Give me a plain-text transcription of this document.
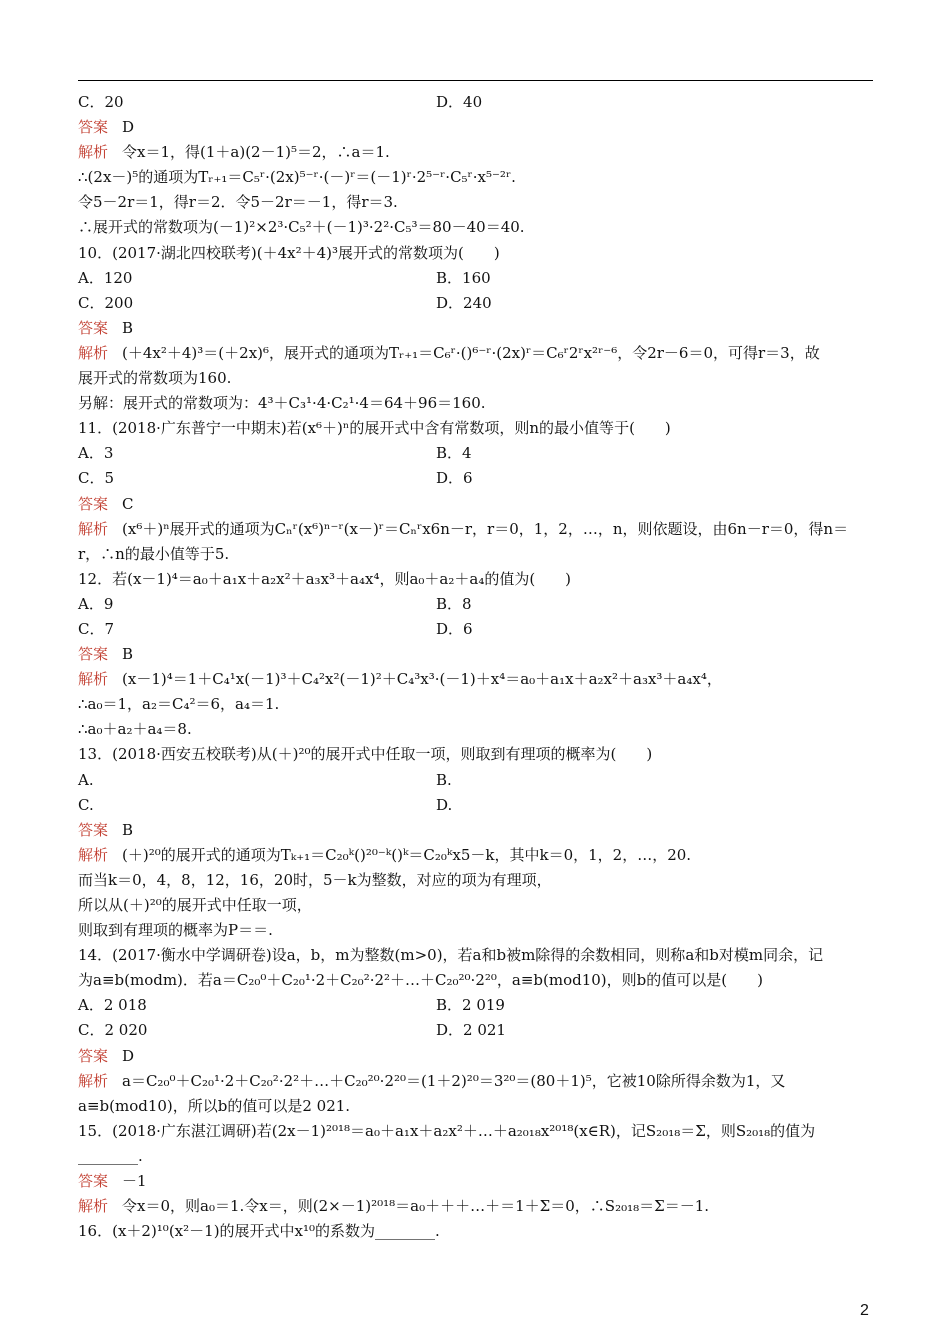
C．20	D．40
答案 D
解析 令x＝1，得(1＋a)(2－1)⁵＝2，∴a＝1.
∴(2x－)⁵的通项为Tᵣ₊₁＝C₅ʳ·(2x)⁵⁻ʳ·(－)ʳ＝(－1)ʳ·2⁵⁻ʳ·C₅ʳ·x⁵⁻²ʳ.
令5－2r＝1，得r＝2．令5－2r＝－1，得r＝3.
∴展开式的常数项为(－1)²×2³·C₅²＋(－1)³·2²·C₅³＝80－40＝40.
10．(2017·湖北四校联考)(＋4x²＋4)³展开式的常数项为(　　)
A．120	B．160
C．200	D．240
答案 B
解析 (＋4x²＋4)³＝(＋2x)⁶，展开式的通项为Tᵣ₊₁＝C₆ʳ·()⁶⁻ʳ·(2x)ʳ＝C₆ʳ2ʳx²ʳ⁻⁶，令2r－6＝0，可得r＝3，故
展开式的常数项为160.
另解：展开式的常数项为：4³＋C₃¹·4·C₂¹·4＝64＋96＝160.
11．(2018·广东普宁一中期末)若(x⁶＋)ⁿ的展开式中含有常数项，则n的最小值等于(　　)
A．3	B．4
C．5	D．6
答案 C
解析 (x⁶＋)ⁿ展开式的通项为Cₙʳ(x⁶)ⁿ⁻ʳ(x－)ʳ＝Cₙʳx6n－r，r＝0，1，2，…，n，则依题设，由6n－r＝0，得n＝
r，∴n的最小值等于5.
12．若(x－1)⁴＝a₀＋a₁x＋a₂x²＋a₃x³＋a₄x⁴，则a₀＋a₂＋a₄的值为(　　)
A．9	B．8
C．7	D．6
答案 B
解析 (x－1)⁴＝1＋C₄¹x(－1)³＋C₄²x²(－1)²＋C₄³x³·(－1)＋x⁴＝a₀＋a₁x＋a₂x²＋a₃x³＋a₄x⁴，
∴a₀＝1，a₂＝C₄²＝6，a₄＝1.
∴a₀＋a₂＋a₄＝8.
13．(2018·西安五校联考)从(＋)²⁰的展开式中任取一项，则取到有理项的概率为(　　)
A.	B.
C.	D.
答案 B
解析 (＋)²⁰的展开式的通项为Tₖ₊₁＝C₂₀ᵏ()²⁰⁻ᵏ()ᵏ＝C₂₀ᵏx5－k，其中k＝0，1，2，…，20.
而当k＝0，4，8，12，16，20时，5－k为整数，对应的项为有理项，
所以从(＋)²⁰的展开式中任取一项，
则取到有理项的概率为P＝＝.
14．(2017·衡水中学调研卷)设a，b，m为整数(m>0)，若a和b被m除得的余数相同，则称a和b对模m同余，记
为a≡b(modm)．若a＝C₂₀⁰＋C₂₀¹·2＋C₂₀²·2²＋…＋C₂₀²⁰·2²⁰，a≡b(mod10)，则b的值可以是(　　)
A．2 018	B．2 019
C．2 020	D．2 021
答案 D
解析 a＝C₂₀⁰＋C₂₀¹·2＋C₂₀²·2²＋…＋C₂₀²⁰·2²⁰＝(1＋2)²⁰＝3²⁰＝(80＋1)⁵，它被10除所得余数为1，又
a≡b(mod10)，所以b的值可以是2 021.
15．(2018·广东湛江调研)若(2x－1)²⁰¹⁸＝a₀＋a₁x＋a₂x²＋…＋a₂₀₁₈x²⁰¹⁸(x∈R)，记S₂₀₁₈＝Σ，则S₂₀₁₈的值为
________.
答案 －1
解析 令x＝0，则a₀＝1.令x＝，则(2×－1)²⁰¹⁸＝a₀＋＋＋…＋＝1＋Σ＝0，∴S₂₀₁₈＝Σ＝－1.
16．(x＋2)¹⁰(x²－1)的展开式中x¹⁰的系数为________.
2
